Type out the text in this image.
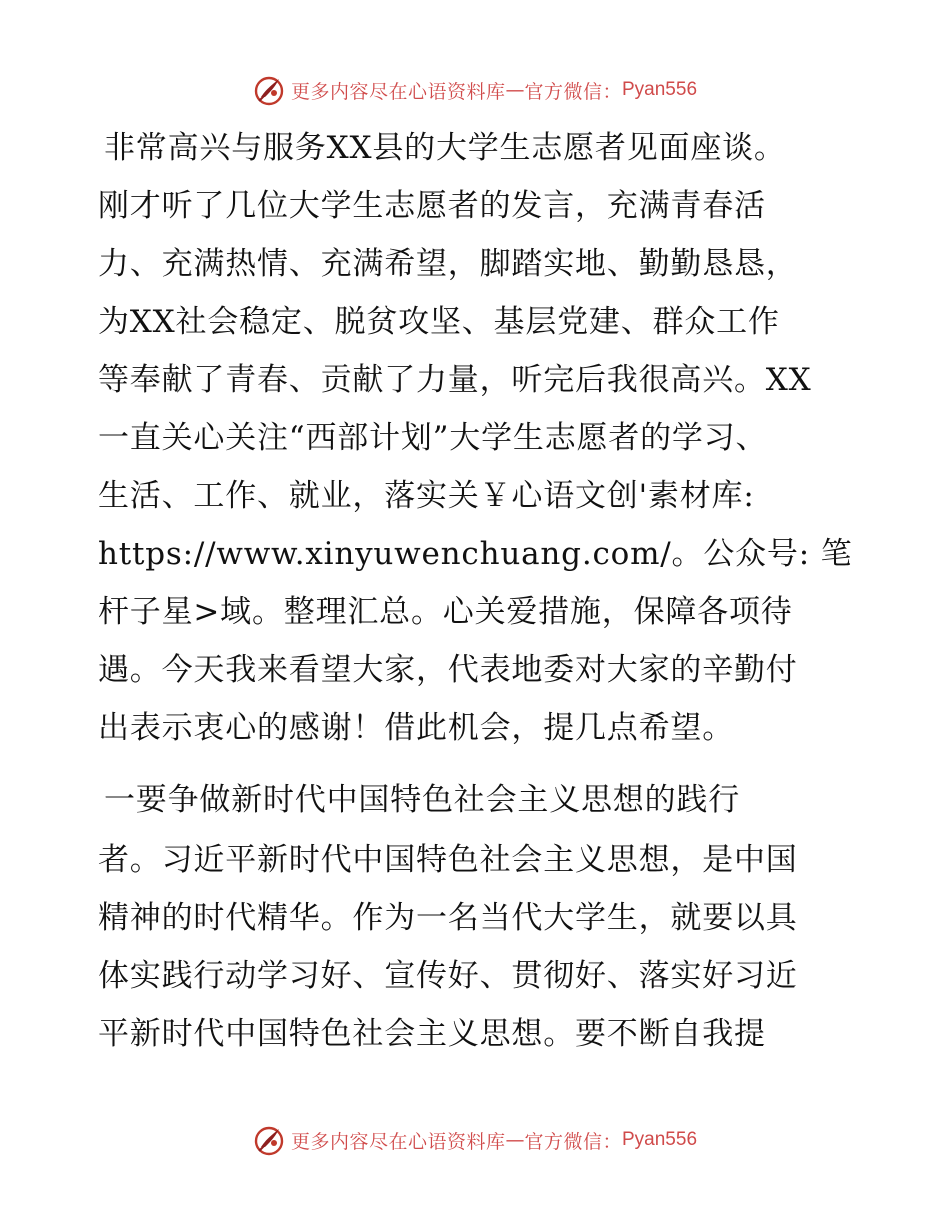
更多内容尽在心语资料库 — 官方微信： Pyan556
非常高兴与服务XX县的大学生志愿者见面座谈。
刚才听了几位大学生志愿者的发言，充满青春活
力、充满热情、充满希望，脚踏实地、勤勤恳恳，
为XX社会稳定、脱贫攻坚、基层党建、群众工作
等奉献了青春、贡献了力量，听完后我很高兴。XX
一直关心关注“西部计划”大学生志愿者的学习、
生活、工作、就业，落实关￥心语文创'素材库:
https://www.xinyuwenchuang.com/。公众号: 笔
杆子星>域。整理汇总。心关爱措施，保障各项待
遇。今天我来看望大家，代表地委对大家的辛勤付
出表示衷心的感谢！借此机会，提几点希望。
一要争做新时代中国特色社会主义思想的践行
者。习近平新时代中国特色社会主义思想，是中国
精神的时代精华。作为一名当代大学生，就要以具
体实践行动学习好、宣传好、贯彻好、落实好习近
平新时代中国特色社会主义思想。要不断自我提
更多内容尽在心语资料库 — 官方微信： Pyan556
